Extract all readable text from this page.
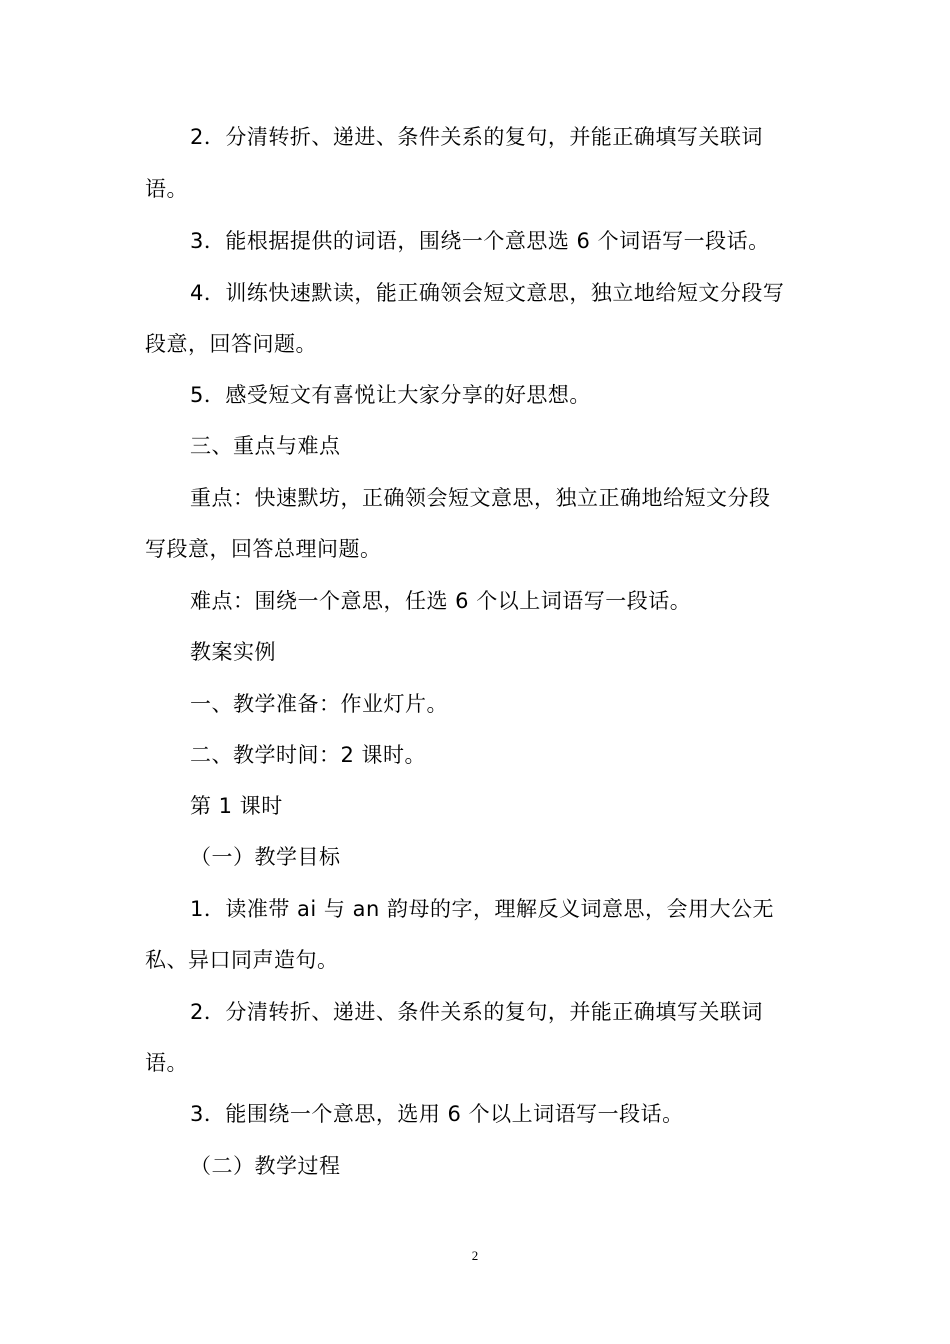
2．分清转折、递进、条件关系的复句，并能正确填写关联词
语。
3．能根据提供的词语，围绕一个意思选 6 个词语写一段话。
4．训练快速默读，能正确领会短文意思，独立地给短文分段写
段意，回答问题。
5．感受短文有喜悦让大家分享的好思想。
三、重点与难点
重点：快速默坊，正确领会短文意思，独立正确地给短文分段
写段意，回答总理问题。
难点：围绕一个意思，任选 6 个以上词语写一段话。
教案实例
一、教学准备：作业灯片。
二、教学时间：2 课时。
第 1 课时
（一）教学目标
1．读准带 ai 与 an 韵母的字，理解反义词意思，会用大公无
私、异口同声造句。
2．分清转折、递进、条件关系的复句，并能正确填写关联词
语。
3．能围绕一个意思，选用 6 个以上词语写一段话。
（二）教学过程
2
